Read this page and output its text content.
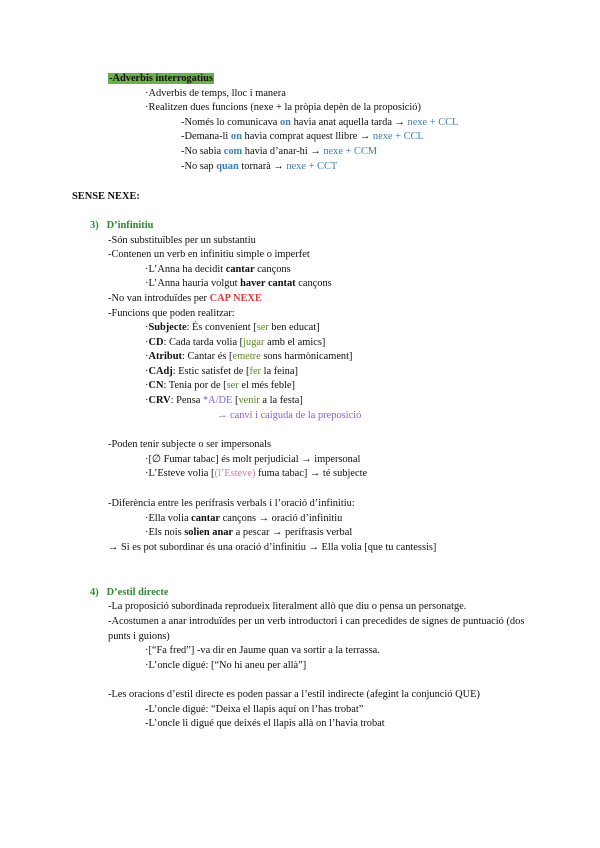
-Adverbis interrogatius
·Adverbis de temps, lloc i manera
·Realitzen dues funcions (nexe + la pròpia depèn de la proposició)
-Només lo comunicava on havia anat aquella tarda → nexe + CCL
-Demana-li on havia comprat aquest llibre → nexe + CCL
-No sabia com havia d’anar-hi → nexe + CCM
-No sap quan tornarà → nexe + CCT
SENSE NEXE:
3) D’infinitiu
-Són substituïbles per un substantiu
-Contenen un verb en infinitiu simple o imperfet
·L’Anna ha decidit cantar cançons
·L’Anna hauria volgut haver cantat cançons
-No van introduïdes per CAP NEXE
-Funcions que poden realitzar:
·Subjecte: És convenient [ser ben educat]
·CD: Cada tarda volia [jugar amb el amics]
·Atribut: Cantar és [emetre sons harmònicament]
·CAdj: Estic satisfet de [fer la feina]
·CN: Tenia por de [ser el més feble]
·CRV: Pensa *A/DE [venir a la festa]
→ canvi i caiguda de la preposició
-Poden tenir subjecte o ser impersonals
·[∅ Fumar tabac] és molt perjudicial → impersonal
·L’Esteve volia [(l’Esteve) fuma tabac] → té subjecte
-Diferència entre les perífrasis verbals i l’oració d’infinitiu:
·Ella volia cantar cançons → oració d’infinitiu
·Els nois solien anar a pescar → perífrasis verbal
→ Si es pot subordinar és una oració d’infinitiu → Ella volia [que tu cantessis]
4) D’estil directe
-La proposició subordinada reprodueix literalment allò que diu o pensa un personatge.
-Acostumen a anar introduïdes per un verb introductori i can precedides de signes de puntuació (dos
punts i guions)
·[“Fa fred”] -va dir en Jaume quan va sortir a la terrassa.
·L’oncle digué: [“No hi aneu per allà”]
-Les oracions d’estil directe es poden passar a l’estil indirecte (afegint la conjunció QUE)
-L’oncle digué: “Deixa el llapis aquí on l’has trobat”
-L’oncle li digué que deixés el llapis allà on l’havia trobat
